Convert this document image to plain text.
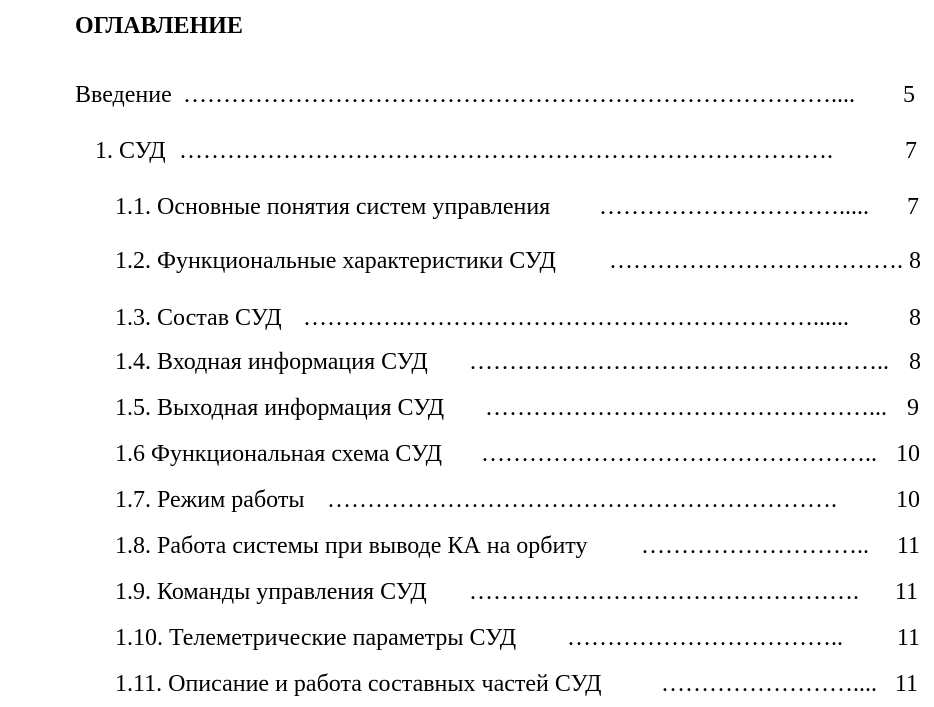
ОГЛАВЛЕНИЕ
Введение ………………………………………………………………………....	5
1. СУД ……………………………………………………………………….	7
1.1. Основные понятия систем управления ………………………….....	7
1.2. Функциональные характеристики СУД ………………………………. 8
1.3. Состав СУД ………….……………………………………………......	8
1.4. Входная информация СУД …………………………………………….. 8
1.5. Выходная информация СУД …………………………………………... 9
1.6 Функциональная схема СУД ………………………………………….. 10
1.7. Режим работы ……………………………………………………….	10
1.8. Работа системы при выводе КА на орбиту ………………………..	11
1.9. Команды управления СУД ………………………………………….	11
1.10. Телеметрические параметры СУД ……………………………..	11
1.11. Описание и работа составных частей СУД …………………….... 11
